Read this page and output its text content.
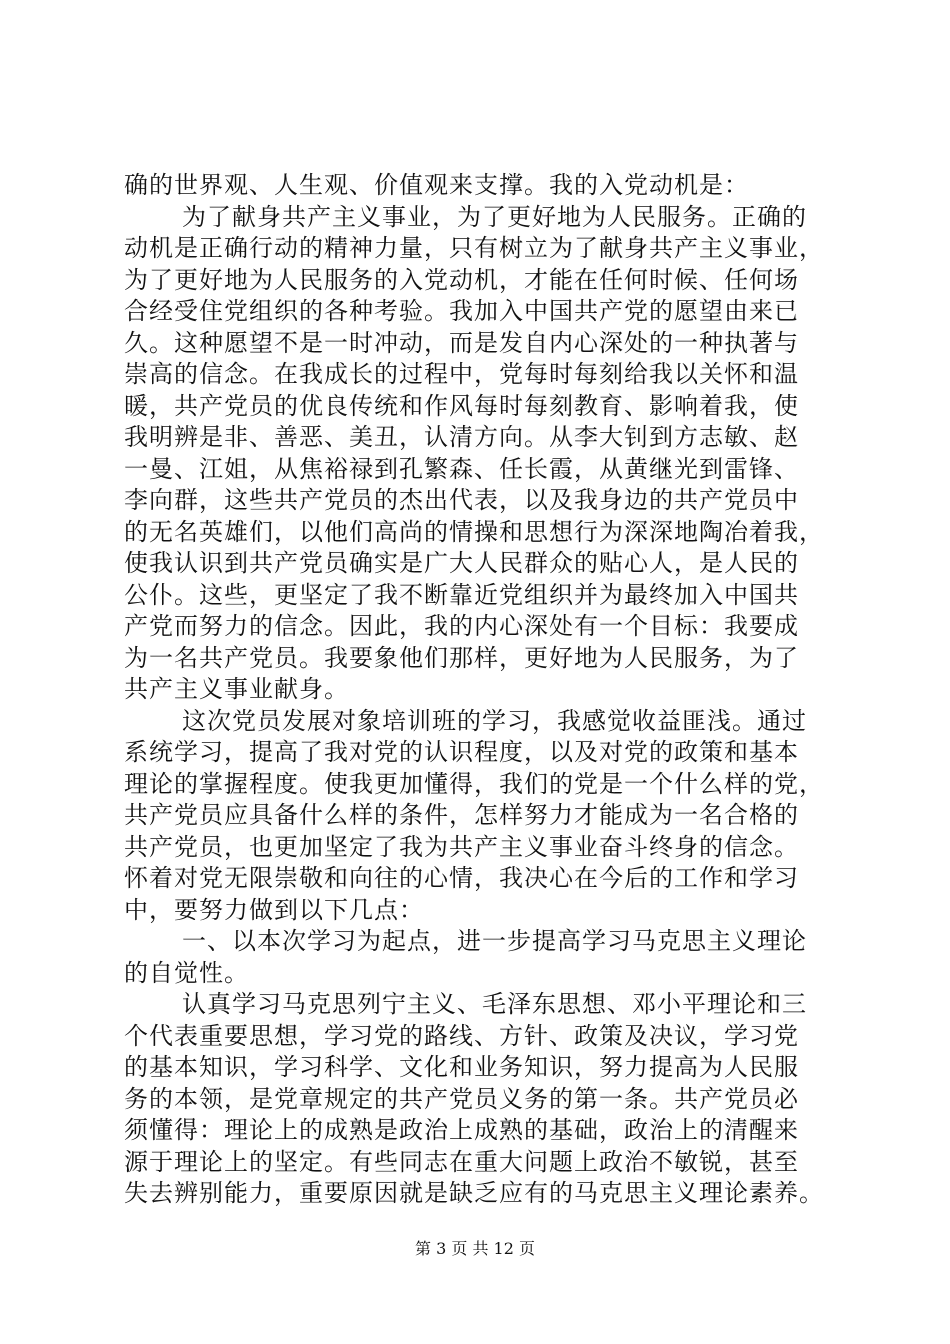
确的世界观、人生观、价值观来支撑。我的入党动机是：
为了献身共产主义事业，为了更好地为人民服务。正确的
动机是正确行动的精神力量，只有树立为了献身共产主义事业，
为了更好地为人民服务的入党动机，才能在任何时候、任何场
合经受住党组织的各种考验。我加入中国共产党的愿望由来已
久。这种愿望不是一时冲动，而是发自内心深处的一种执著与
崇高的信念。在我成长的过程中，党每时每刻给我以关怀和温
暖，共产党员的优良传统和作风每时每刻教育、影响着我，使
我明辨是非、善恶、美丑，认清方向。从李大钊到方志敏、赵
一曼、江姐，从焦裕禄到孔繁森、任长霞，从黄继光到雷锋、
李向群，这些共产党员的杰出代表，以及我身边的共产党员中
的无名英雄们，以他们高尚的情操和思想行为深深地陶冶着我，
使我认识到共产党员确实是广大人民群众的贴心人，是人民的
公仆。这些，更坚定了我不断靠近党组织并为最终加入中国共
产党而努力的信念。因此，我的内心深处有一个目标：我要成
为一名共产党员。我要象他们那样，更好地为人民服务，为了
共产主义事业献身。
这次党员发展对象培训班的学习，我感觉收益匪浅。通过
系统学习，提高了我对党的认识程度，以及对党的政策和基本
理论的掌握程度。使我更加懂得，我们的党是一个什么样的党，
共产党员应具备什么样的条件，怎样努力才能成为一名合格的
共产党员，也更加坚定了我为共产主义事业奋斗终身的信念。
怀着对党无限崇敬和向往的心情，我决心在今后的工作和学习
中，要努力做到以下几点：
一、以本次学习为起点，进一步提高学习马克思主义理论
的自觉性。
认真学习马克思列宁主义、毛泽东思想、邓小平理论和三
个代表重要思想，学习党的路线、方针、政策及决议，学习党
的基本知识，学习科学、文化和业务知识，努力提高为人民服
务的本领，是党章规定的共产党员义务的第一条。共产党员必
须懂得：理论上的成熟是政治上成熟的基础，政治上的清醒来
源于理论上的坚定。有些同志在重大问题上政治不敏锐，甚至
失去辨别能力，重要原因就是缺乏应有的马克思主义理论素养。
第 3 页 共 12 页
